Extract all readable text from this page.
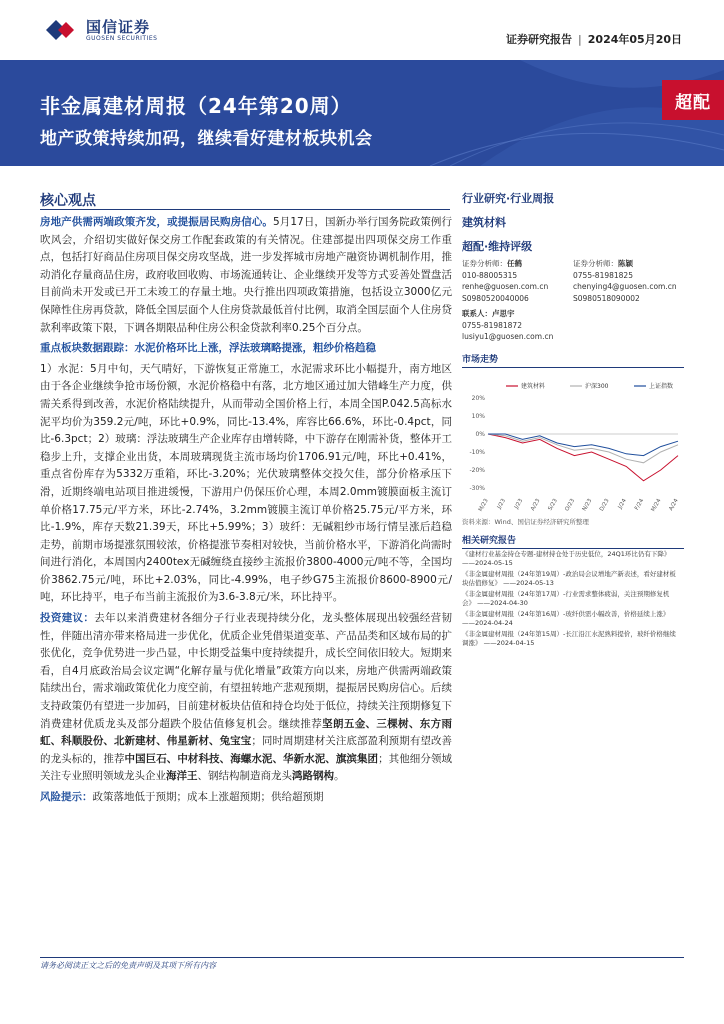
国信证券
GUOSEN SECURITIES	证券研究报告 | 2024年05月20日
非金属建材周报（24年第20周）
地产政策持续加码，继续看好建材板块机会
超配
核心观点

房地产供需两端政策齐发，或提振居民购房信心。5月17日，国新办举行国务院政策例行吹风会，介绍切实做好保交房工作配套政策的有关情况。住建部提出四项保交房工作重点，包括打好商品住房项目保交房攻坚战，进一步发挥城市房地产融资协调机制作用，推动消化存量商品住房，政府收回收购、市场流通转让、企业继续开发等方式妥善处置盘活目前尚未开发或已开工未竣工的存量土地。央行推出四项政策措施，包括设立3000亿元保障性住房再贷款，降低全国层面个人住房贷款最低首付比例，取消全国层面个人住房贷款利率政策下限，下调各期限品种住房公积金贷款利率0.25个百分点。

重点板块数据跟踪：水泥价格环比上涨，浮法玻璃略提涨，粗纱价格趋稳

1）水泥：5月中旬，天气晴好，下游恢复正常施工，水泥需求环比小幅提升，南方地区由于各企业继续争抢市场份额，水泥价格稳中有落，北方地区通过加大错峰生产力度，供需关系得到改善，水泥价格陆续提升，从而带动全国价格上行，本周全国P.042.5高标水泥平均价为359.2元/吨，环比+0.9%，同比-13.4%，库容比66.6%，环比-0.4pct，同比-6.3pct；2）玻璃：浮法玻璃生产企业库存由增转降，中下游存在刚需补货，整体开工稳步上升，支撑企业出货，本周玻璃现货主流市场均价1706.91元/吨，环比+0.41%，重点省份库存为5332万重箱，环比-3.20%；光伏玻璃整体交投欠佳，部分价格承压下滑，近期终端电站项目推进缓慢，下游用户仍保压价心理，本周2.0mm镀膜面板主流订单价格17.75元/平方米，环比-2.74%，3.2mm镀膜主流订单价格25.75元/平方米，环比-1.9%，库存天数21.39天，环比+5.99%；3）玻纤：无碱粗纱市场行情呈涨后趋稳走势，前期市场提涨氛围较浓，价格提涨节奏相对较快，当前价格水平，下游消化尚需时间进行消化，本周国内2400tex无碱缠绕直接纱主流报价3800-4000元/吨不等，全国均价3862.75元/吨，环比+2.03%，同比-4.99%，电子纱G75主流报价8600-8900元/吨，环比持平，电子布当前主流报价为3.6-3.8元/米，环比持平。

投资建议：去年以来消费建材各细分子行业表现持续分化，龙头整体展现出较强经营韧性，伴随出清亦带来格局进一步优化，优质企业凭借渠道变革、产品品类和区域布局的扩张优化，竞争优势进一步凸显，中长期受益集中度持续提升，成长空间依旧较大。短期来看，自4月底政治局会议定调“化解存量与优化增量”政策方向以来，房地产供需两端政策陆续出台，需求端政策优化力度空前，有望扭转地产悲观预期，提振居民购房信心。后续支持政策仍有望进一步加码，目前建材板块估值和持仓均处于低位，持续关注预期修复下消费建材优质龙头及部分超跌个股估值修复机会。继续推荐坚朗五金、三棵树、东方雨虹、科顺股份、北新建材、伟星新材、兔宝宝；同时周期建材关注底部盈利预期有望改善的龙头标的，推荐中国巨石、中材科技、海螺水泥、华新水泥、旗滨集团；其他细分领域关注专业照明领域龙头企业海洋王、钢结构制造商龙头鸿路钢构。

风险提示：政策落地低于预期；成本上涨超预期；供给超预期

行业研究·行业周报
建筑材料
超配·维持评级
证券分析师：任鹤
010-88005315
renhe@guosen.com.cn
S0980520040006
证券分析师：陈颖
0755-81981825
chenying4@guosen.com.cn
S0980518090002
联系人：卢思宇
0755-81981872
lusiyu1@guosen.com.cn
市场走势
20%
10%
0%
-10%
-20%
-30%
M/23 J/23 J/23 A/23 S/23 O/23 N/23 D/23 J/24 F/24 M/24 A/24
建筑材料	沪深300	上证指数
资料来源：Wind、国信证券经济研究所整理
相关研究报告
《建材行业基金持仓专题-建材持仓处于历史低位，24Q1环比仍有下降》 ——2024-05-15
《非金属建材周报（24年第19周）-政治局会议增地产新表述，看好建材板块估值修复》 ——2024-05-13
《非金属建材周报（24年第17周）-行业需求整体疲弱，关注预期修复机会》 ——2024-04-30
《非金属建材周报（24年第16周）-玻纤供需小幅改善，价格延续上涨》 ——2024-04-24
《非金属建材周报（24年第15周）-长江沿江水泥熟料提价，玻纤价格继续调涨》 ——2024-04-15
请务必阅读正文之后的免责声明及其项下所有内容
